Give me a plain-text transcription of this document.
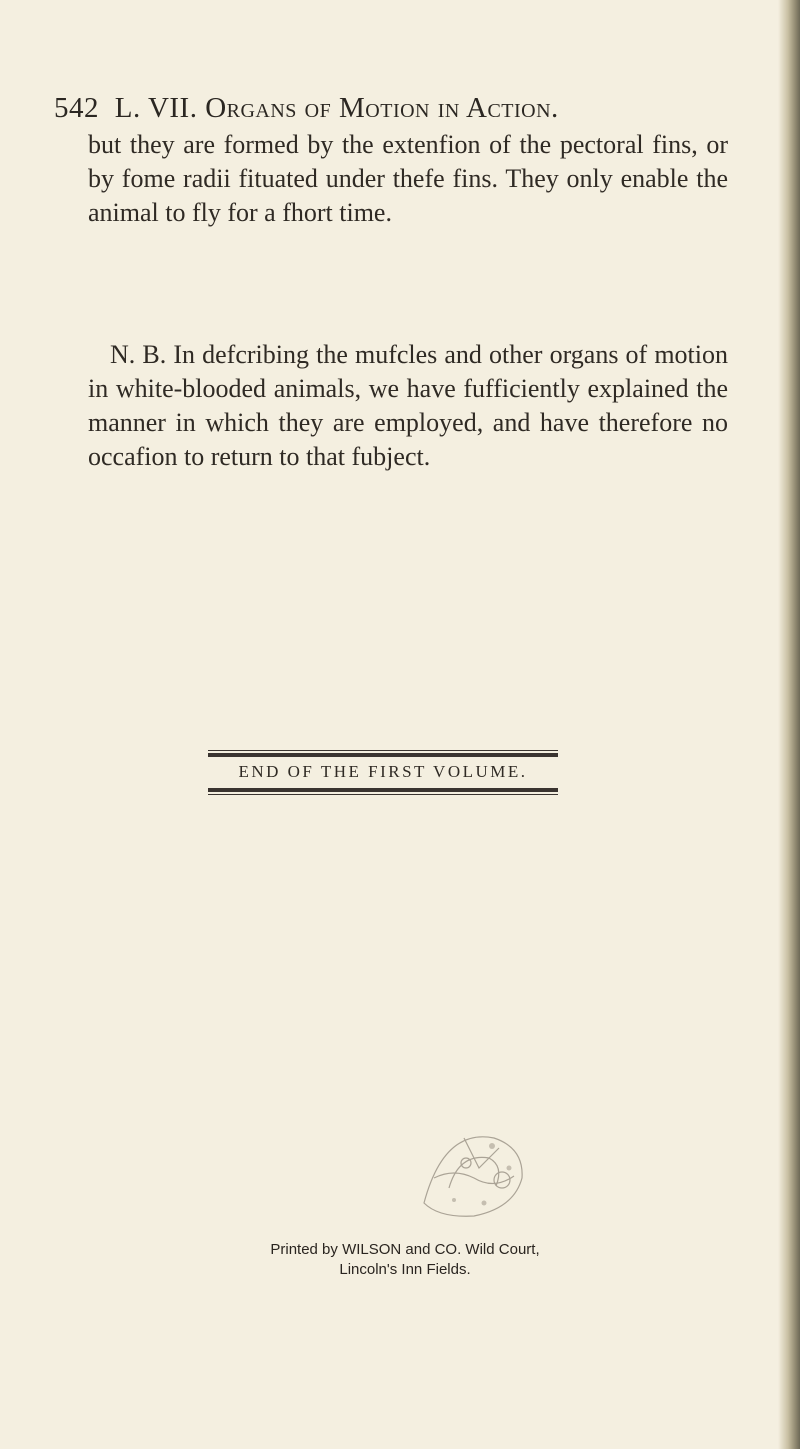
542 L. VII. Organs of Motion in Action.

but they are formed by the extenfion of the pectoral fins, or by fome radii fituated under thefe fins. They only enable the animal to fly for a fhort time.

N. B. In defcribing the mufcles and other organs of motion in white-blooded animals, we have fufficiently explained the manner in which they are employed, and have therefore no occafion to return to that fubject.

END OF THE FIRST VOLUME.
Printed by WILSON and CO. Wild Court,
Lincoln's Inn Fields.
